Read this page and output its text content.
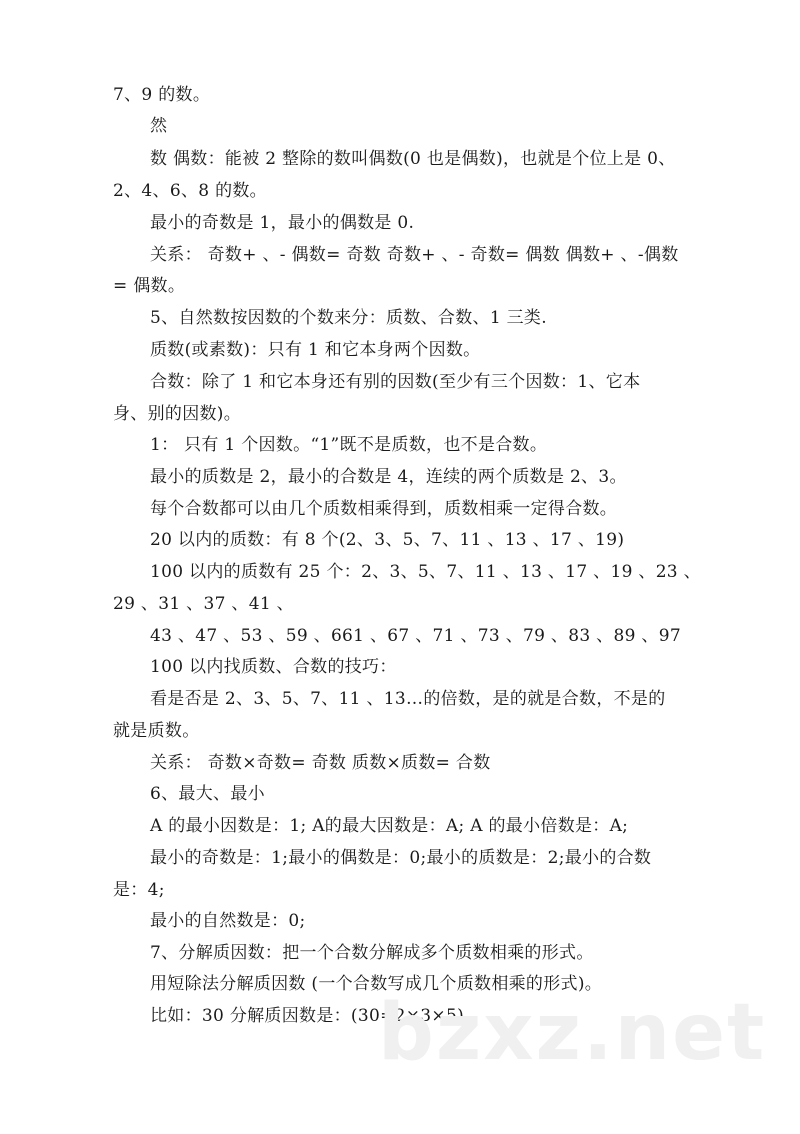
7、9 的数。
然
数 偶数：能被 2 整除的数叫偶数(0 也是偶数)，也就是个位上是 0、
2、4、6、8 的数。
最小的奇数是 1，最小的偶数是 0.
关系： 奇数+ 、- 偶数= 奇数 奇数+ 、- 奇数= 偶数 偶数+ 、-偶数
= 偶数。
5、自然数按因数的个数来分：质数、合数、1 三类.
质数(或素数)：只有 1 和它本身两个因数。
合数：除了 1 和它本身还有别的因数(至少有三个因数：1、它本
身、别的因数)。
1： 只有 1 个因数。“1”既不是质数，也不是合数。
最小的质数是 2，最小的合数是 4，连续的两个质数是 2、3。
每个合数都可以由几个质数相乘得到，质数相乘一定得合数。
20 以内的质数：有 8 个(2、3、5、7、11 、13 、17 、19)
100 以内的质数有 25 个：2、3、5、7、11 、13 、17 、19 、23 、
29 、31 、37 、41 、
43 、47 、53 、59 、661 、67 、71 、73 、79 、83 、89 、97
100 以内找质数、合数的技巧：
看是否是 2、3、5、7、11 、13…的倍数，是的就是合数，不是的
就是质数。
关系： 奇数×奇数= 奇数 质数×质数= 合数
6、最大、最小
A 的最小因数是：1; A的最大因数是：A; A 的最小倍数是：A;
最小的奇数是：1;最小的偶数是：0;最小的质数是：2;最小的合数
是：4;
最小的自然数是：0;
7、分解质因数：把一个合数分解成多个质数相乘的形式。
用短除法分解质因数 (一个合数写成几个质数相乘的形式)。
比如：30 分解质因数是：(30=2×3×5)
bzxz.net
